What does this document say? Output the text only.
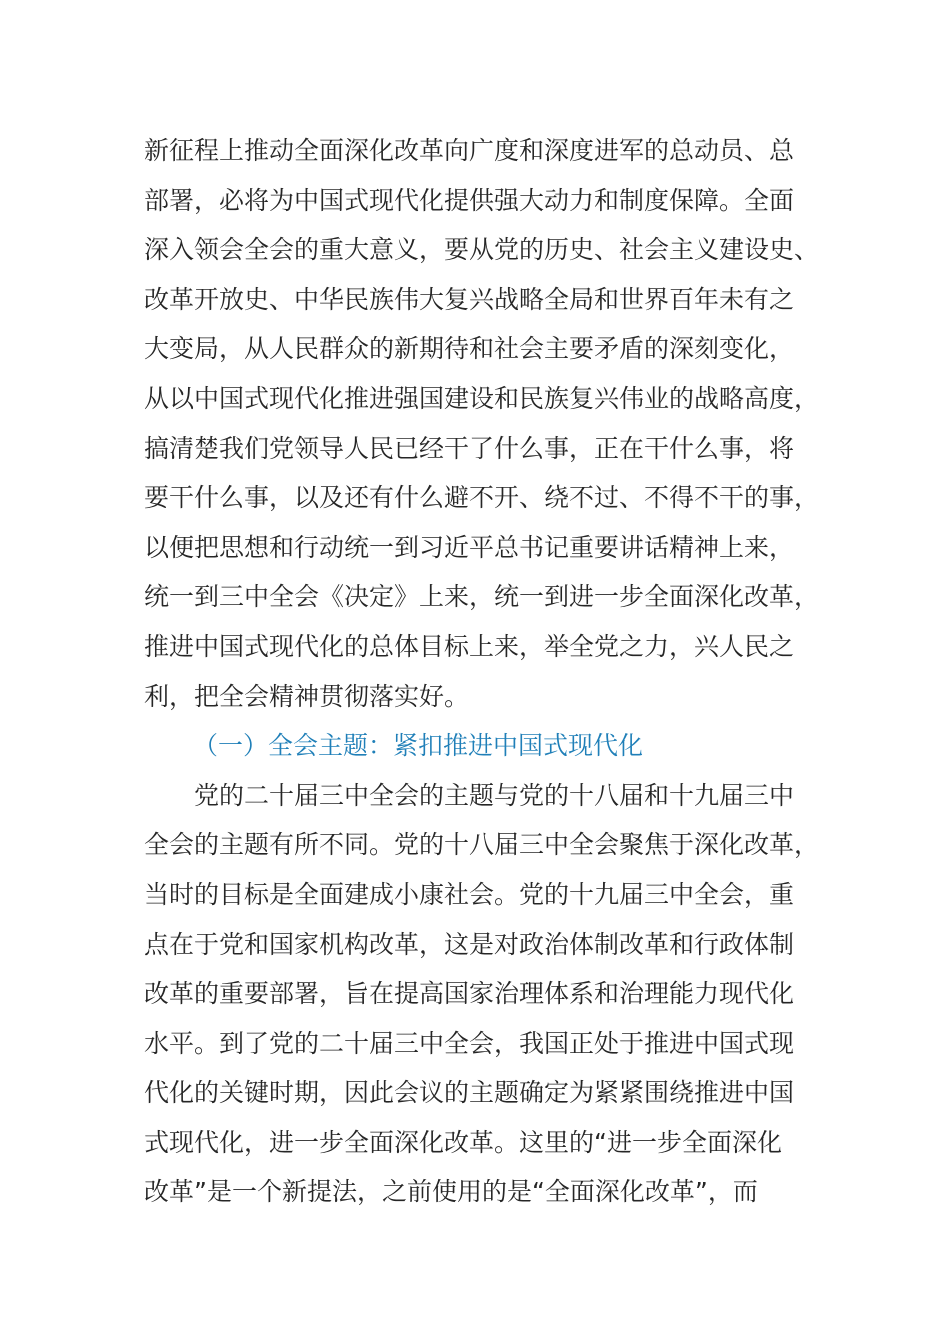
新征程上推动全面深化改革向广度和深度进军的总动员、总
部署，必将为中国式现代化提供强大动力和制度保障。全面
深入领会全会的重大意义，要从党的历史、社会主义建设史、
改革开放史、中华民族伟大复兴战略全局和世界百年未有之
大变局，从人民群众的新期待和社会主要矛盾的深刻变化，
从以中国式现代化推进强国建设和民族复兴伟业的战略高度，
搞清楚我们党领导人民已经干了什么事，正在干什么事，将
要干什么事，以及还有什么避不开、绕不过、不得不干的事，
以便把思想和行动统一到习近平总书记重要讲话精神上来，
统一到三中全会《决定》上来，统一到进一步全面深化改革，
推进中国式现代化的总体目标上来，举全党之力，兴人民之
利，把全会精神贯彻落实好。
（一）全会主题：紧扣推进中国式现代化
党的二十届三中全会的主题与党的十八届和十九届三中
全会的主题有所不同。党的十八届三中全会聚焦于深化改革，
当时的目标是全面建成小康社会。党的十九届三中全会，重
点在于党和国家机构改革，这是对政治体制改革和行政体制
改革的重要部署，旨在提高国家治理体系和治理能力现代化
水平。到了党的二十届三中全会，我国正处于推进中国式现
代化的关键时期，因此会议的主题确定为紧紧围绕推进中国
式现代化，进一步全面深化改革。这里的“进一步全面深化
改革”是一个新提法，之前使用的是“全面深化改革”，而
